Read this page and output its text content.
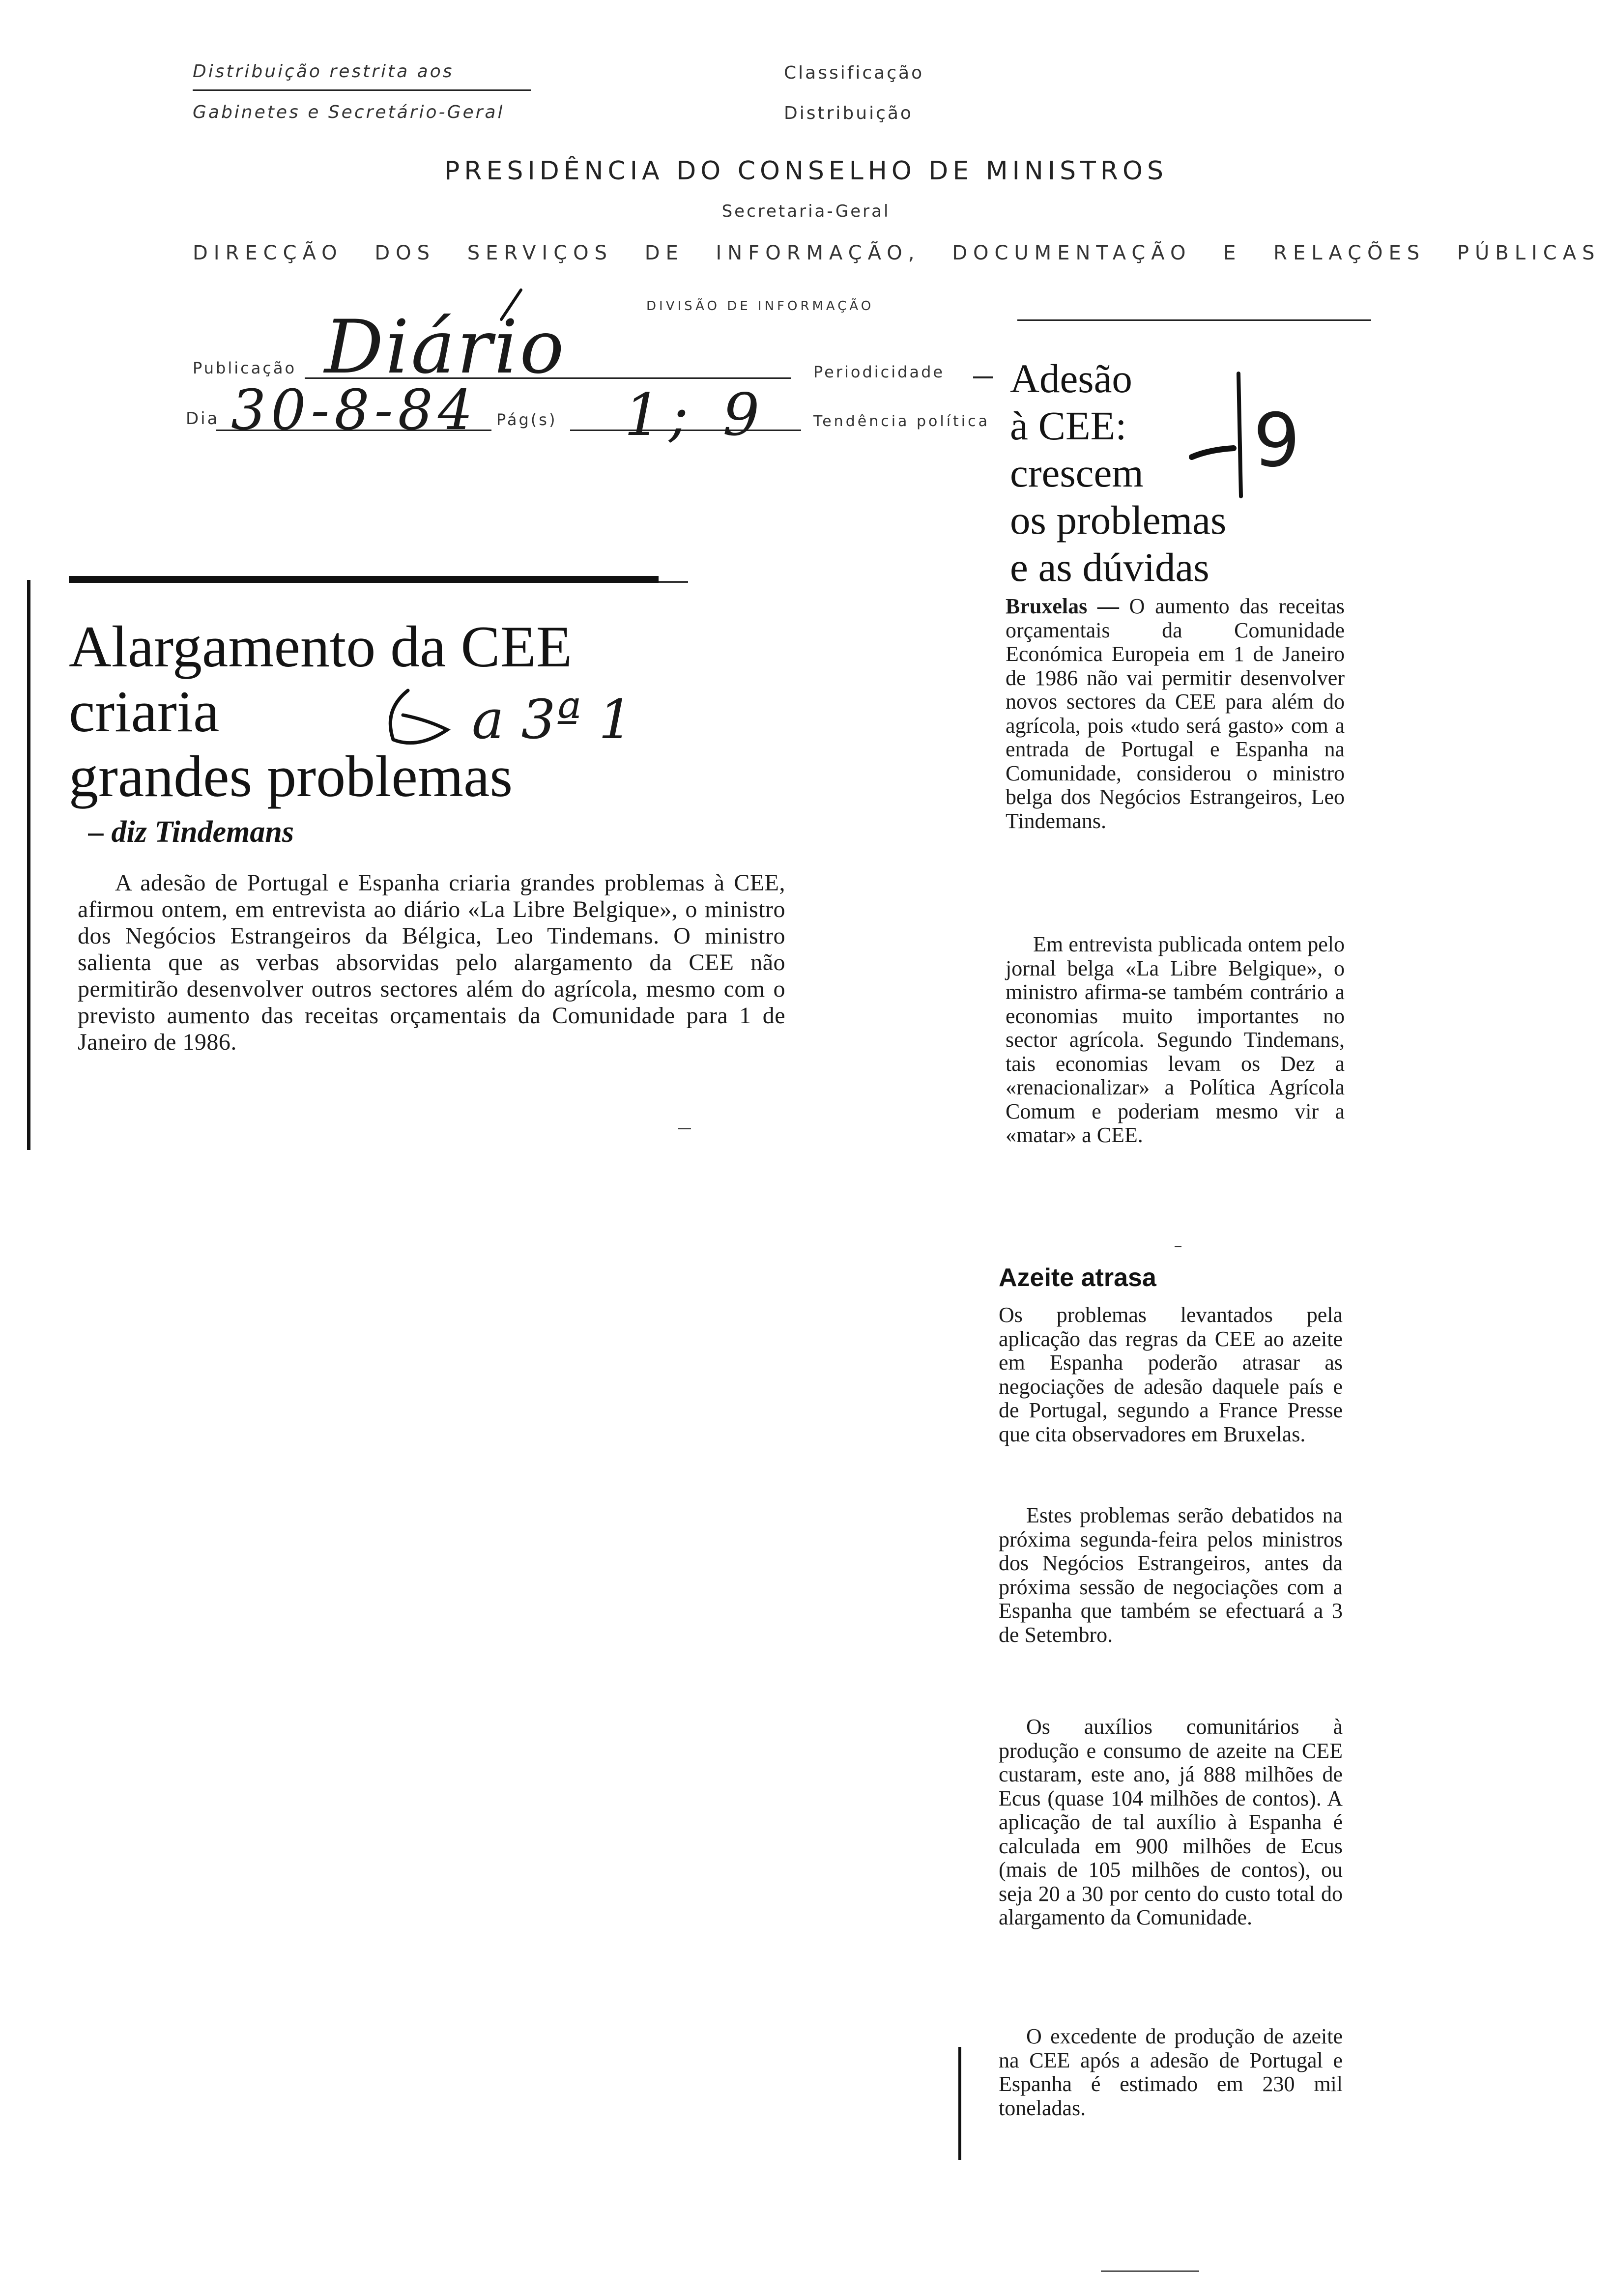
Distribuição restrita aos
Gabinetes e Secretário-Geral
Classificação
Distribuição
PRESIDÊNCIA DO CONSELHO DE MINISTROS
Secretaria-Geral
DIRECÇÃO DOS SERVIÇOS DE INFORMAÇÃO, DOCUMENTAÇÃO E RELAÇÕES PÚBLICAS
DIVISÃO DE INFORMAÇÃO
Publicação Diário	Periodicidade
Dia 30-8-84 Pág(s) 1; 9	Tendência política
Adesão
à CEE:
crescem
os problemas
e as dúvidas
9
Bruxelas — O aumento das receitas orçamentais da Comunidade Económica Europeia em 1 de Janeiro de 1986 não vai permitir desenvolver novos sectores da CEE para além do agrícola, pois «tudo será gasto» com a entrada de Portugal e Espanha na Comunidade, considerou o ministro belga dos Negócios Estrangeiros, Leo Tindemans.
Em entrevista publicada ontem pelo jornal belga «La Libre Belgique», o ministro afirma-se também contrário a economias muito importantes no sector agrícola. Segundo Tindemans, tais economias levam os Dez a «renacionalizar» a Política Agrícola Comum e poderiam mesmo vir a «matar» a CEE.
Azeite atrasa
Os problemas levantados pela aplicação das regras da CEE ao azeite em Espanha poderão atrasar as negociações de adesão daquele país e de Portugal, segundo a France Presse que cita observadores em Bruxelas.
Estes problemas serão debatidos na próxima segunda-feira pelos ministros dos Negócios Estrangeiros, antes da próxima sessão de negociações com a Espanha que também se efectuará a 3 de Setembro.
Os auxílios comunitários à produção e consumo de azeite na CEE custaram, este ano, já 888 milhões de Ecus (quase 104 milhões de contos). A aplicação de tal auxílio à Espanha é calculada em 900 milhões de Ecus (mais de 105 milhões de contos), ou seja 20 a 30 por cento do custo total do alargamento da Comunidade.
O excedente de produção de azeite na CEE após a adesão de Portugal e Espanha é estimado em 230 mil toneladas.
Alargamento da CEE
criaria
grandes problemas
a 3ª 1
– diz Tindemans
A adesão de Portugal e Espanha criaria grandes problemas à CEE, afirmou ontem, em entrevista ao diário «La Libre Belgique», o ministro dos Negócios Estrangeiros da Bélgica, Leo Tindemans. O ministro salienta que as verbas absorvidas pelo alargamento da CEE não permitirão desenvolver outros sectores além do agrícola, mesmo com o previsto aumento das receitas orçamentais da Comunidade para 1 de Janeiro de 1986.
